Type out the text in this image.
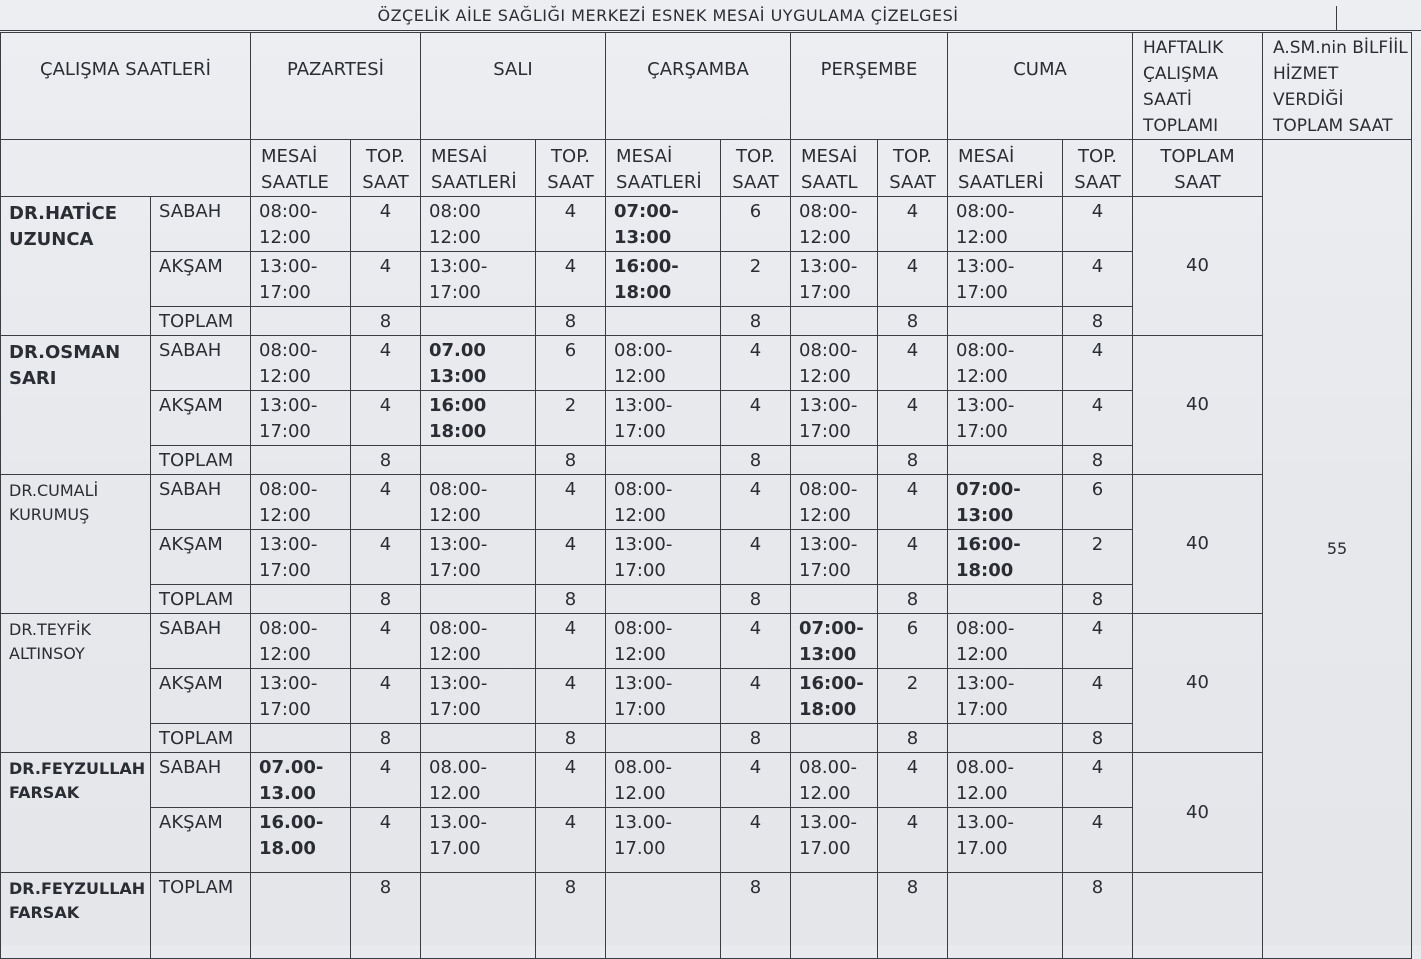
ÖZÇELİK AİLE SAĞLIĞI MERKEZİ ESNEK MESAİ UYGULAMA ÇİZELGESİ
ÇALIŞMA SAATLERİ		PAZARTESİ		SALI		ÇARŞAMBA		PERŞEMBE		CUMA		HAFTALIK ÇALIŞMA SAATİ TOPLAMI	A.SM.nin BİLFİİL HİZMET VERDİĞİ TOPLAM SAAT
		MESAİ SAATLE	TOP. SAAT	MESAİ SAATLERİ	TOP. SAAT	MESAİ SAATLERİ	TOP. SAAT	MESAİ SAATL	TOP. SAAT	MESAİ SAATLERİ	TOP. SAAT	TOPLAM SAAT	55
DR.HATİCE UZUNCA	SABAH	08:00-12:00	4	08:00 12:00	4	07:00-13:00	6	08:00-12:00	4	08:00-12:00	4	40	
	AKŞAM	13:00-17:00	4	13:00-17:00	4	16:00-18:00	2	13:00-17:00	4	13:00-17:00	4		
	TOPLAM		8		8		8		8		8		
DR.OSMAN SARI	SABAH	08:00-12:00	4	07.00 13:00	6	08:00-12:00	4	08:00-12:00	4	08:00-12:00	4	40	
	AKŞAM	13:00-17:00	4	16:00 18:00	2	13:00-17:00	4	13:00-17:00	4	13:00-17:00	4		
	TOPLAM		8		8		8		8		8		
DR.CUMALİ KURUMUŞ	SABAH	08:00-12:00	4	08:00-12:00	4	08:00-12:00	4	08:00-12:00	4	07:00-13:00	6	40	
	AKŞAM	13:00-17:00	4	13:00-17:00	4	13:00-17:00	4	13:00-17:00	4	16:00-18:00	2		
	TOPLAM		8		8		8		8		8		
DR.TEYFİK ALTINSOY	SABAH	08:00-12:00	4	08:00-12:00	4	08:00-12:00	4	07:00-13:00	6	08:00-12:00	4	40	
	AKŞAM	13:00-17:00	4	13:00-17:00	4	13:00-17:00	4	16:00-18:00	2	13:00-17:00	4		
	TOPLAM		8		8		8		8		8		
DR.FEYZULLAH FARSAK	SABAH	07.00-13.00	4	08.00-12.00	4	08.00-12.00	4	08.00-12.00	4	08.00-12.00	4	40	
	AKŞAM	16.00-18.00	4	13.00-17.00	4	13.00-17.00	4	13.00-17.00	4	13.00-17.00	4		
DR.FEYZULLAH FARSAK	TOPLAM		8		8		8		8		8		
